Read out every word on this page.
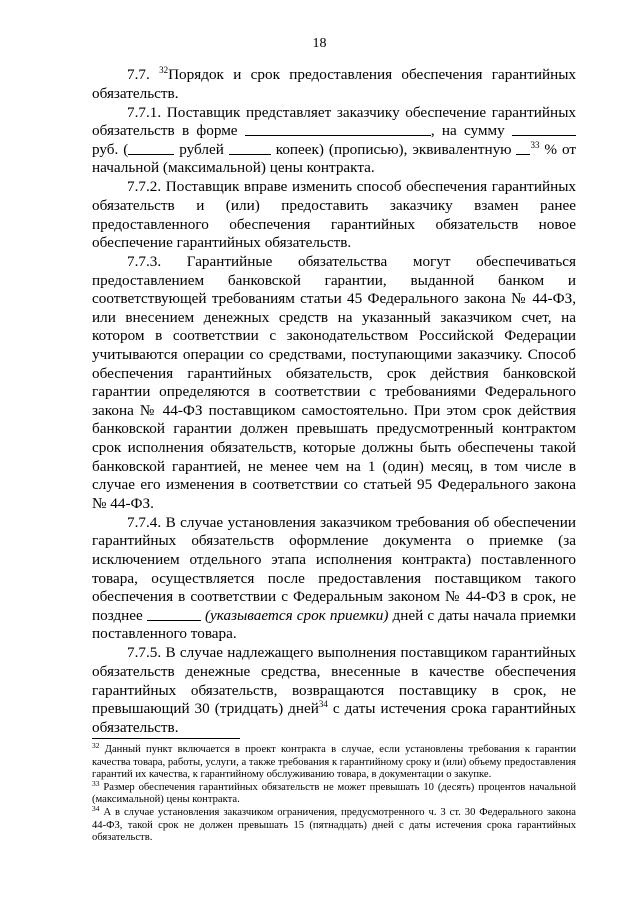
18

7.7. $^{32}$Порядок и срок предоставления обеспечения гарантийных обязательств.

7.7.1. Поставщик представляет заказчику обеспечение гарантийных обязательств в форме	, на сумму  руб. (	рублей	копеек) (прописью), эквивалентную $^{33}$ % от начальной (максимальной) цены контракта.

7.7.2. Поставщик вправе изменить способ обеспечения гарантийных обязательств и (или) предоставить заказчику взамен ранее предоставленного обеспечения гарантийных обязательств новое обеспечение гарантийных обязательств.

7.7.3. Гарантийные обязательства могут обеспечиваться предоставлением банковской гарантии, выданной банком и соответствующей требованиям статьи 45 Федерального закона № 44-ФЗ, или внесением денежных средств на указанный заказчиком счет, на котором в соответствии с законодательством Российской Федерации учитываются операции со средствами, поступающими заказчику. Способ обеспечения гарантийных обязательств, срок действия банковской гарантии определяются в соответствии с требованиями Федерального закона № 44-ФЗ поставщиком самостоятельно. При этом срок действия банковской гарантии должен превышать предусмотренный контрактом срок исполнения обязательств, которые должны быть обеспечены такой банковской гарантией, не менее чем на 1 (один) месяц, в том числе в случае его изменения в соответствии со статьей 95 Федерального закона № 44-ФЗ.

7.7.4. В случае установления заказчиком требования об обеспечении гарантийных обязательств оформление документа о приемке (за исключением отдельного этапа исполнения контракта) поставленного товара, осуществляется после предоставления поставщиком такого обеспечения в соответствии с Федеральным законом № 44-ФЗ в срок, не позднее	(указывается срок приемки) дней с даты начала приемки поставленного товара.

7.7.5. В случае надлежащего выполнения поставщиком гарантийных обязательств денежные средства, внесенные в качестве обеспечения гарантийных обязательств, возвращаются поставщику в срок, не превышающий 30 (тридцать) дней$^{34}$ с даты истечения срока гарантийных обязательств.

$^{32}$ Данный пункт включается в проект контракта в случае, если установлены требования к гарантии качества товара, работы, услуги, а также требования к гарантийному сроку и (или) объему предоставления гарантий их качества, к гарантийному обслуживанию товара, в документации о закупке.

$^{33}$ Размер обеспечения гарантийных обязательств не может превышать 10 (десять) процентов начальной (максимальной) цены контракта.

$^{34}$ А в случае установления заказчиком ограничения, предусмотренного ч. 3 ст. 30 Федерального закона 44-ФЗ, такой срок не должен превышать 15 (пятнадцать) дней с даты истечения срока гарантийных обязательств.
